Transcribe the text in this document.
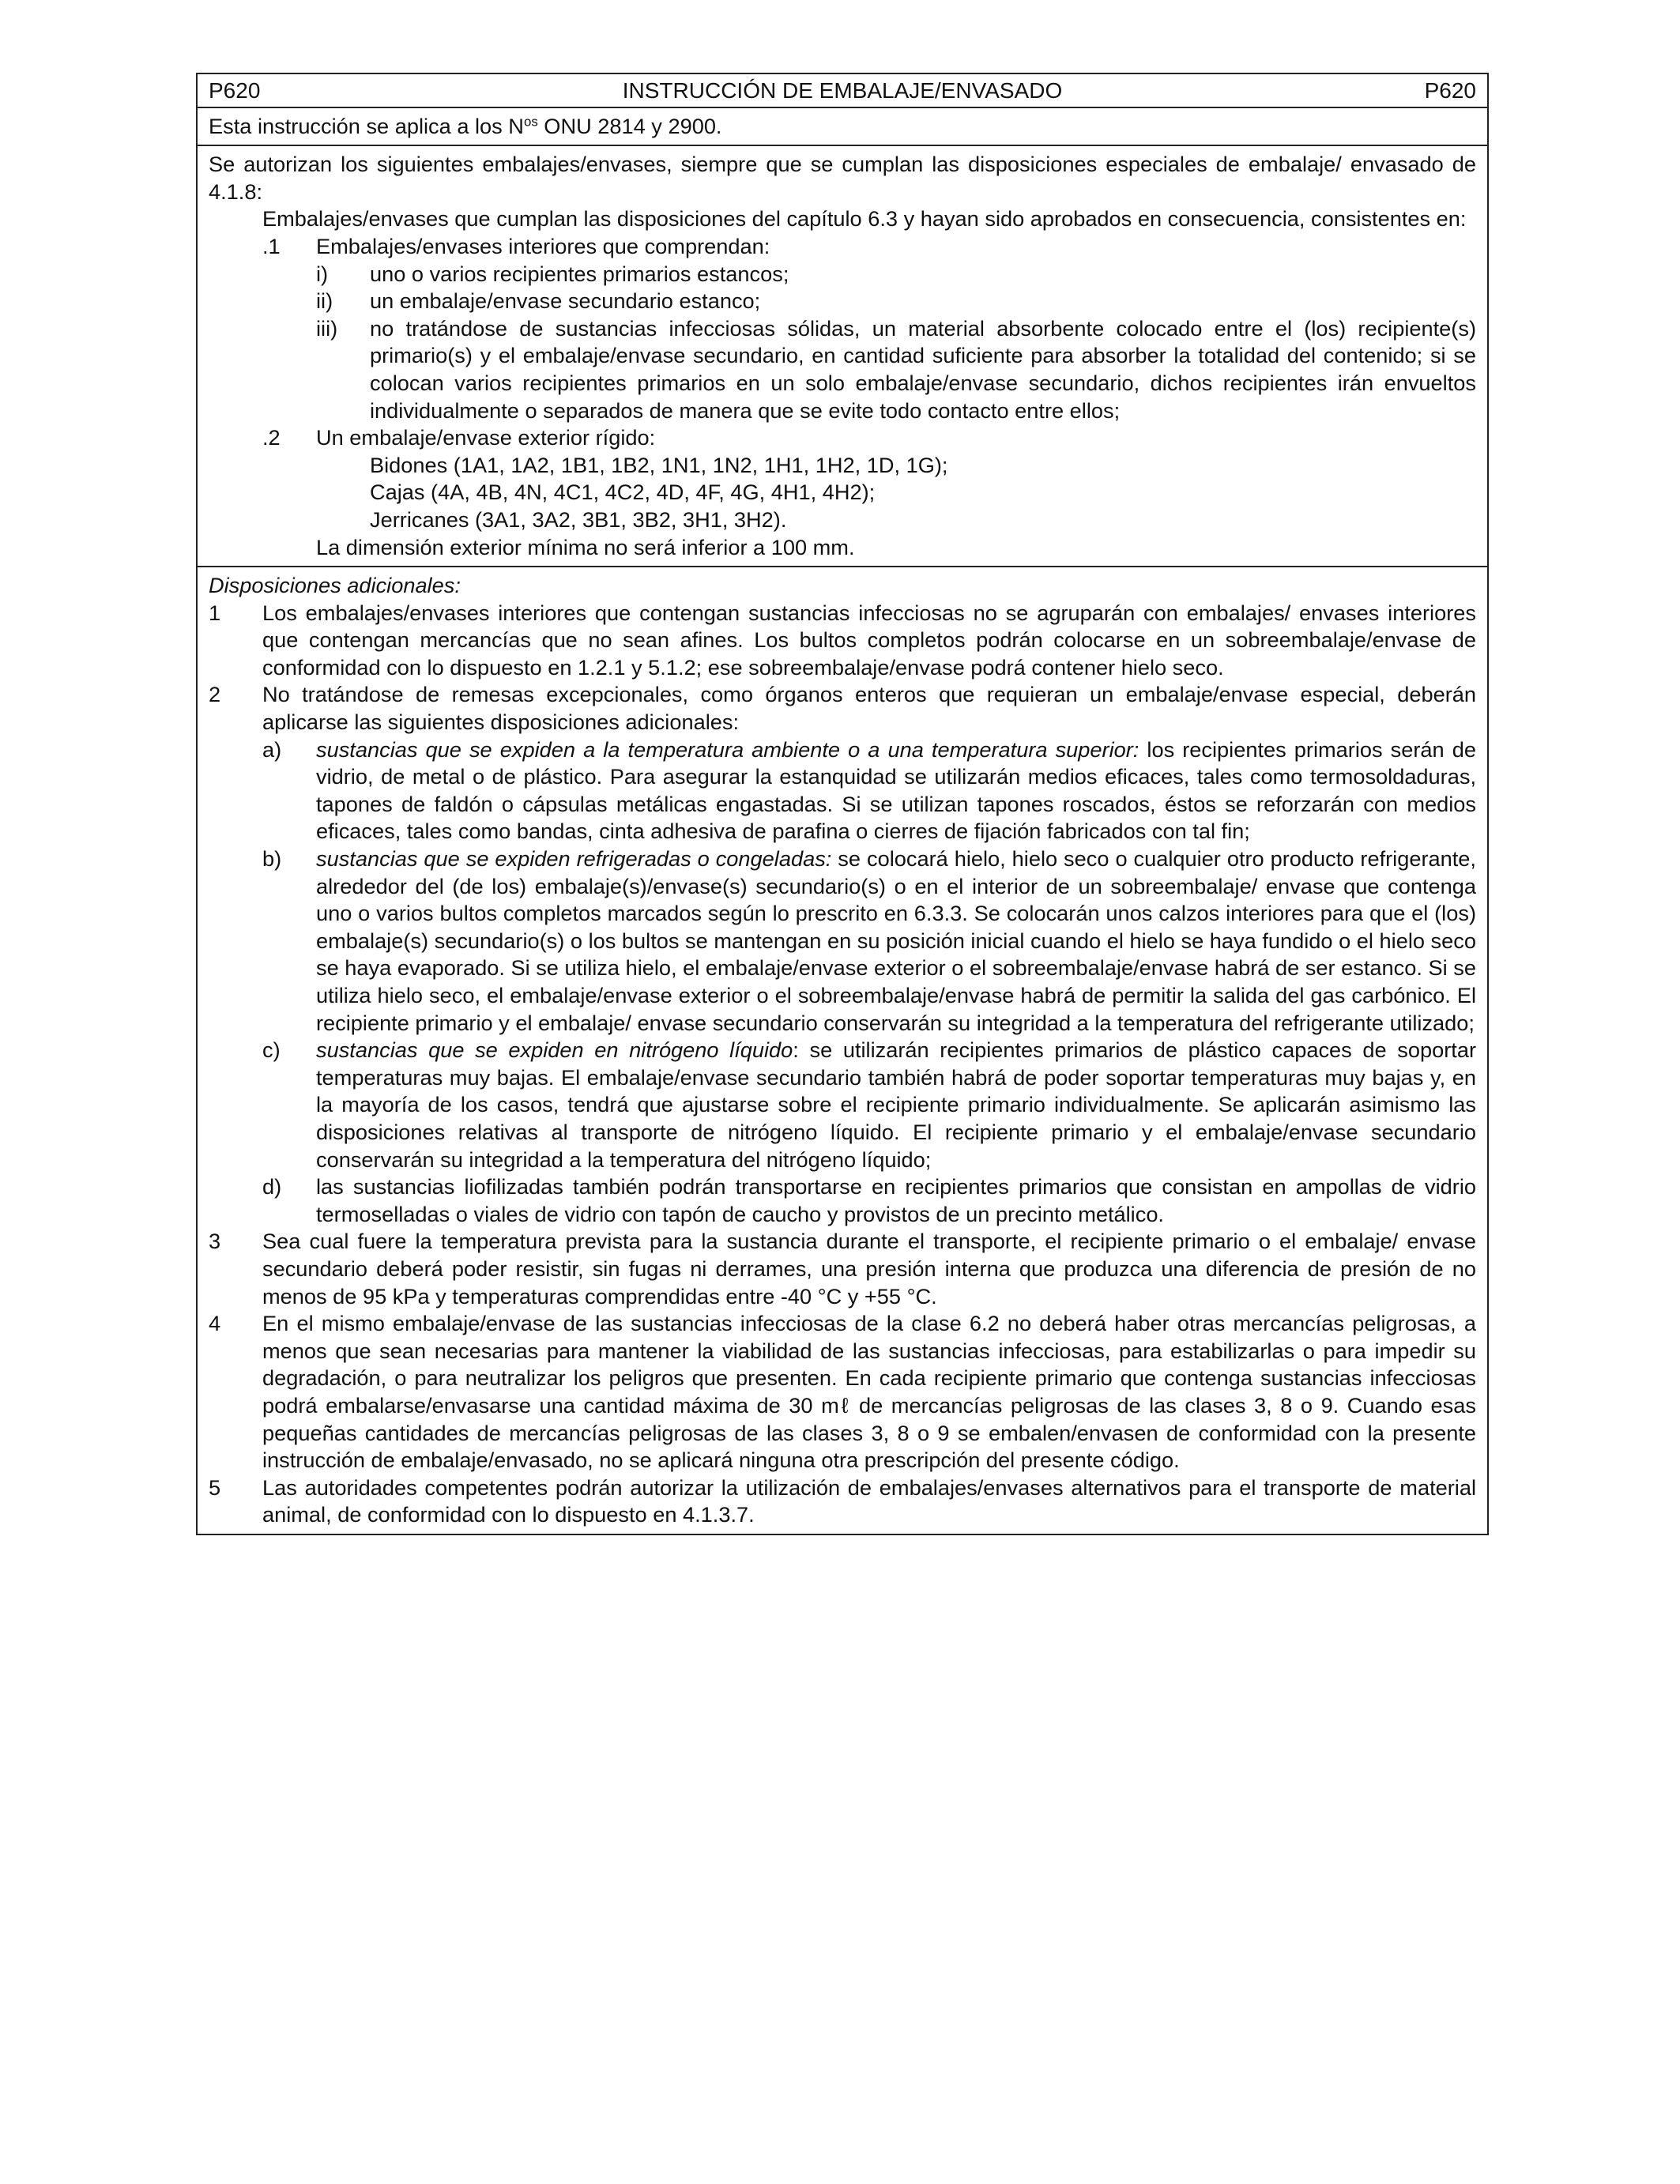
P620	INSTRUCCIÓN DE EMBALAJE/ENVASADO	P620

Esta instrucción se aplica a los $N^{os}$ ONU 2814 y 2900.

Se autorizan los siguientes embalajes/envases, siempre que se cumplan las disposiciones especiales de embalaje/ envasado de 4.1.8:

Embalajes/envases que cumplan las disposiciones del capítulo 6.3 y hayan sido aprobados en consecuencia, consistentes en:

.1	Embalajes/envases interiores que comprendan:
i)	uno o varios recipientes primarios estancos;
ii)	un embalaje/envase secundario estanco;
iii)	no tratándose de sustancias infecciosas sólidas, un material absorbente colocado entre el (los) recipiente(s) primario(s) y el embalaje/envase secundario, en cantidad suficiente para absorber la totalidad del contenido; si se colocan varios recipientes primarios en un solo embalaje/envase secundario, dichos recipientes irán envueltos individualmente o separados de manera que se evite todo contacto entre ellos;
.2	Un embalaje/envase exterior rígido:

Bidones (1A1, 1A2, 1B1, 1B2, 1N1, 1N2, 1H1, 1H2, 1D, 1G);

Cajas (4A, 4B, 4N, 4C1, 4C2, 4D, 4F, 4G, 4H1, 4H2);

Jerricanes (3A1, 3A2, 3B1, 3B2, 3H1, 3H2).

La dimensión exterior mínima no será inferior a 100 mm.

Disposiciones adicionales:

1	Los embalajes/envases interiores que contengan sustancias infecciosas no se agruparán con embalajes/ envases interiores que contengan mercancías que no sean afines. Los bultos completos podrán colocarse en un sobreembalaje/envase de conformidad con lo dispuesto en 1.2.1 y 5.1.2; ese sobreembalaje/envase podrá contener hielo seco.
2	No tratándose de remesas excepcionales, como órganos enteros que requieran un embalaje/envase especial, deberán aplicarse las siguientes disposiciones adicionales:
a)	sustancias que se expiden a la temperatura ambiente o a una temperatura superior: los recipientes primarios serán de vidrio, de metal o de plástico. Para asegurar la estanquidad se utilizarán medios eficaces, tales como termosoldaduras, tapones de faldón o cápsulas metálicas engastadas. Si se utilizan tapones roscados, éstos se reforzarán con medios eficaces, tales como bandas, cinta adhesiva de parafina o cierres de fijación fabricados con tal fin;
b)	sustancias que se expiden refrigeradas o congeladas: se colocará hielo, hielo seco o cualquier otro producto refrigerante, alrededor del (de los) embalaje(s)/envase(s) secundario(s) o en el interior de un sobreembalaje/ envase que contenga uno o varios bultos completos marcados según lo prescrito en 6.3.3. Se colocarán unos calzos interiores para que el (los) embalaje(s) secundario(s) o los bultos se mantengan en su posición inicial cuando el hielo se haya fundido o el hielo seco se haya evaporado. Si se utiliza hielo, el embalaje/envase exterior o el sobreembalaje/envase habrá de ser estanco. Si se utiliza hielo seco, el embalaje/envase exterior o el sobreembalaje/envase habrá de permitir la salida del gas carbónico. El recipiente primario y el embalaje/ envase secundario conservarán su integridad a la temperatura del refrigerante utilizado;
c)	sustancias que se expiden en nitrógeno líquido: se utilizarán recipientes primarios de plástico capaces de soportar temperaturas muy bajas. El embalaje/envase secundario también habrá de poder soportar temperaturas muy bajas y, en la mayoría de los casos, tendrá que ajustarse sobre el recipiente primario individualmente. Se aplicarán asimismo las disposiciones relativas al transporte de nitrógeno líquido. El recipiente primario y el embalaje/envase secundario conservarán su integridad a la temperatura del nitrógeno líquido;
d)	las sustancias liofilizadas también podrán transportarse en recipientes primarios que consistan en ampollas de vidrio termoselladas o viales de vidrio con tapón de caucho y provistos de un precinto metálico.
3	Sea cual fuere la temperatura prevista para la sustancia durante el transporte, el recipiente primario o el embalaje/ envase secundario deberá poder resistir, sin fugas ni derrames, una presión interna que produzca una diferencia de presión de no menos de 95 kPa y temperaturas comprendidas entre -40 °C y +55 °C.
4	En el mismo embalaje/envase de las sustancias infecciosas de la clase 6.2 no deberá haber otras mercancías peligrosas, a menos que sean necesarias para mantener la viabilidad de las sustancias infecciosas, para estabilizarlas o para impedir su degradación, o para neutralizar los peligros que presenten. En cada recipiente primario que contenga sustancias infecciosas podrá embalarse/envasarse una cantidad máxima de 30 mℓ de mercancías peligrosas de las clases 3, 8 o 9. Cuando esas pequeñas cantidades de mercancías peligrosas de las clases 3, 8 o 9 se embalen/envasen de conformidad con la presente instrucción de embalaje/envasado, no se aplicará ninguna otra prescripción del presente código.
5	Las autoridades competentes podrán autorizar la utilización de embalajes/envases alternativos para el transporte de material animal, de conformidad con lo dispuesto en 4.1.3.7.
